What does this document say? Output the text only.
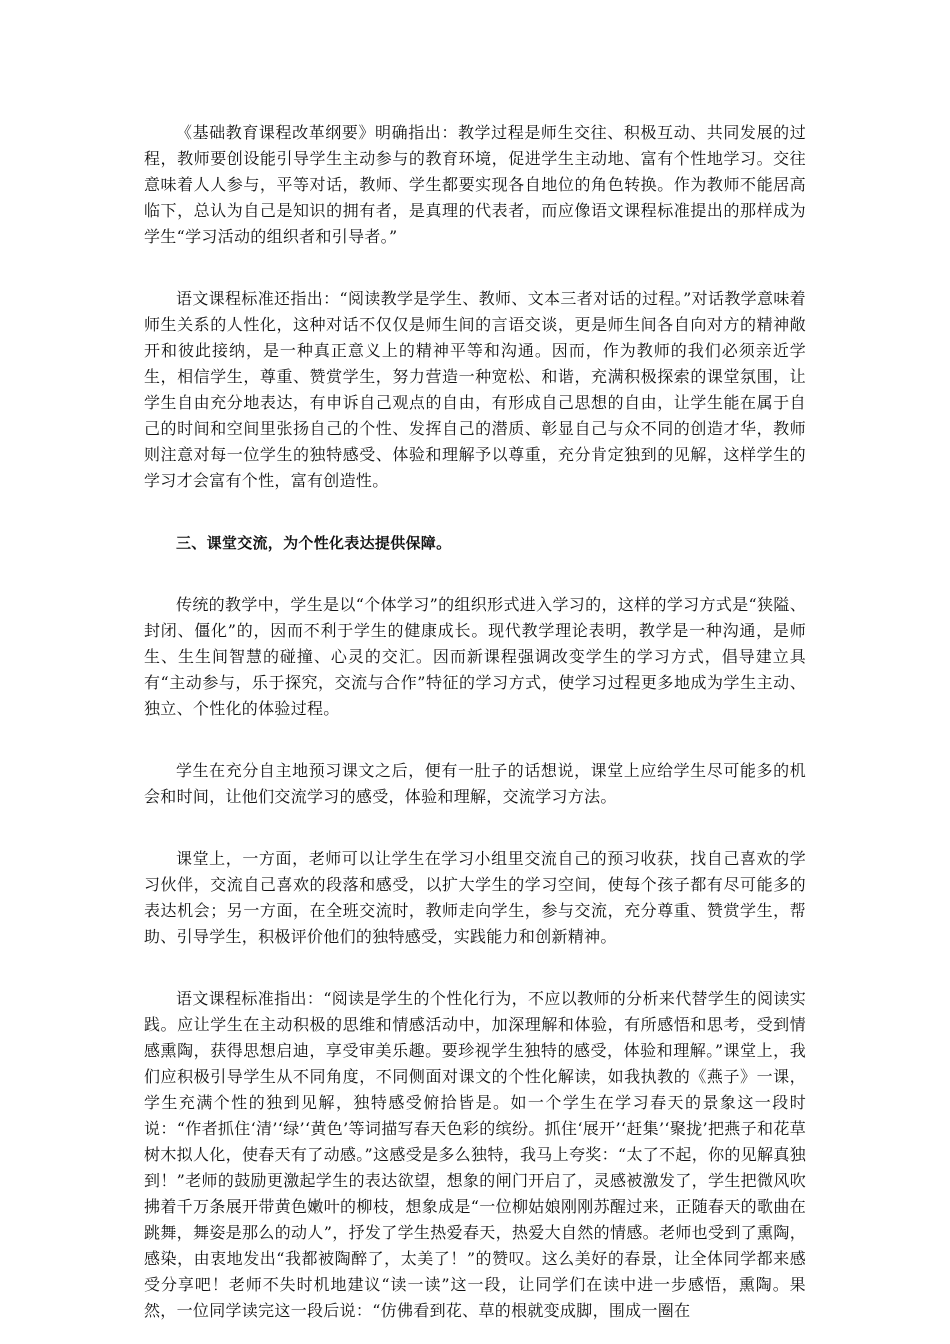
《基础教育课程改革纲要》明确指出：教学过程是师生交往、积极互动、共同发展的过程，教师要创设能引导学生主动参与的教育环境，促进学生主动地、富有个性地学习。交往意味着人人参与，平等对话，教师、学生都要实现各自地位的角色转换。作为教师不能居高临下，总认为自己是知识的拥有者，是真理的代表者，而应像语文课程标准提出的那样成为学生“学习活动的组织者和引导者。”

语文课程标准还指出：“阅读教学是学生、教师、文本三者对话的过程。”对话教学意味着师生关系的人性化，这种对话不仅仅是师生间的言语交谈，更是师生间各自向对方的精神敞开和彼此接纳，是一种真正意义上的精神平等和沟通。因而，作为教师的我们必须亲近学生，相信学生，尊重、赞赏学生，努力营造一种宽松、和谐，充满积极探索的课堂氛围，让学生自由充分地表达，有申诉自己观点的自由，有形成自己思想的自由，让学生能在属于自己的时间和空间里张扬自己的个性、发挥自己的潜质、彰显自己与众不同的创造才华，教师则注意对每一位学生的独特感受、体验和理解予以尊重，充分肯定独到的见解，这样学生的学习才会富有个性，富有创造性。

三、课堂交流，为个性化表达提供保障。

传统的教学中，学生是以“个体学习”的组织形式进入学习的，这样的学习方式是“狭隘、封闭、僵化”的，因而不利于学生的健康成长。现代教学理论表明，教学是一种沟通，是师生、生生间智慧的碰撞、心灵的交汇。因而新课程强调改变学生的学习方式，倡导建立具有“主动参与，乐于探究，交流与合作”特征的学习方式，使学习过程更多地成为学生主动、独立、个性化的体验过程。

学生在充分自主地预习课文之后，便有一肚子的话想说，课堂上应给学生尽可能多的机会和时间，让他们交流学习的感受，体验和理解，交流学习方法。

课堂上，一方面，老师可以让学生在学习小组里交流自己的预习收获，找自己喜欢的学习伙伴，交流自己喜欢的段落和感受，以扩大学生的学习空间，使每个孩子都有尽可能多的表达机会；另一方面，在全班交流时，教师走向学生，参与交流，充分尊重、赞赏学生，帮助、引导学生，积极评价他们的独特感受，实践能力和创新精神。

语文课程标准指出：“阅读是学生的个性化行为，不应以教师的分析来代替学生的阅读实践。应让学生在主动积极的思维和情感活动中，加深理解和体验，有所感悟和思考，受到情感熏陶，获得思想启迪，享受审美乐趣。要珍视学生独特的感受，体验和理解。”课堂上，我们应积极引导学生从不同角度，不同侧面对课文的个性化解读，如我执教的《燕子》一课，学生充满个性的独到见解，独特感受俯拾皆是。如一个学生在学习春天的景象这一段时说：“作者抓住‘清’‘绿’‘黄色’等词描写春天色彩的缤纷。抓住‘展开’‘赶集’‘聚拢’把燕子和花草树木拟人化，使春天有了动感。”这感受是多么独特，我马上夸奖：“太了不起，你的见解真独到！”老师的鼓励更激起学生的表达欲望，想象的闸门开启了，灵感被激发了，学生把微风吹拂着千万条展开带黄色嫩叶的柳枝，想象成是“一位柳姑娘刚刚苏醒过来，正随春天的歌曲在跳舞，舞姿是那么的动人”，抒发了学生热爱春天，热爱大自然的情感。老师也受到了熏陶，感染，由衷地发出“我都被陶醉了，太美了！”的赞叹。这么美好的春景，让全体同学都来感受分享吧！老师不失时机地建议“读一读”这一段，让同学们在读中进一步感悟，熏陶。果然，一位同学读完这一段后说：“仿佛看到花、草的根就变成脚，围成一圈在
